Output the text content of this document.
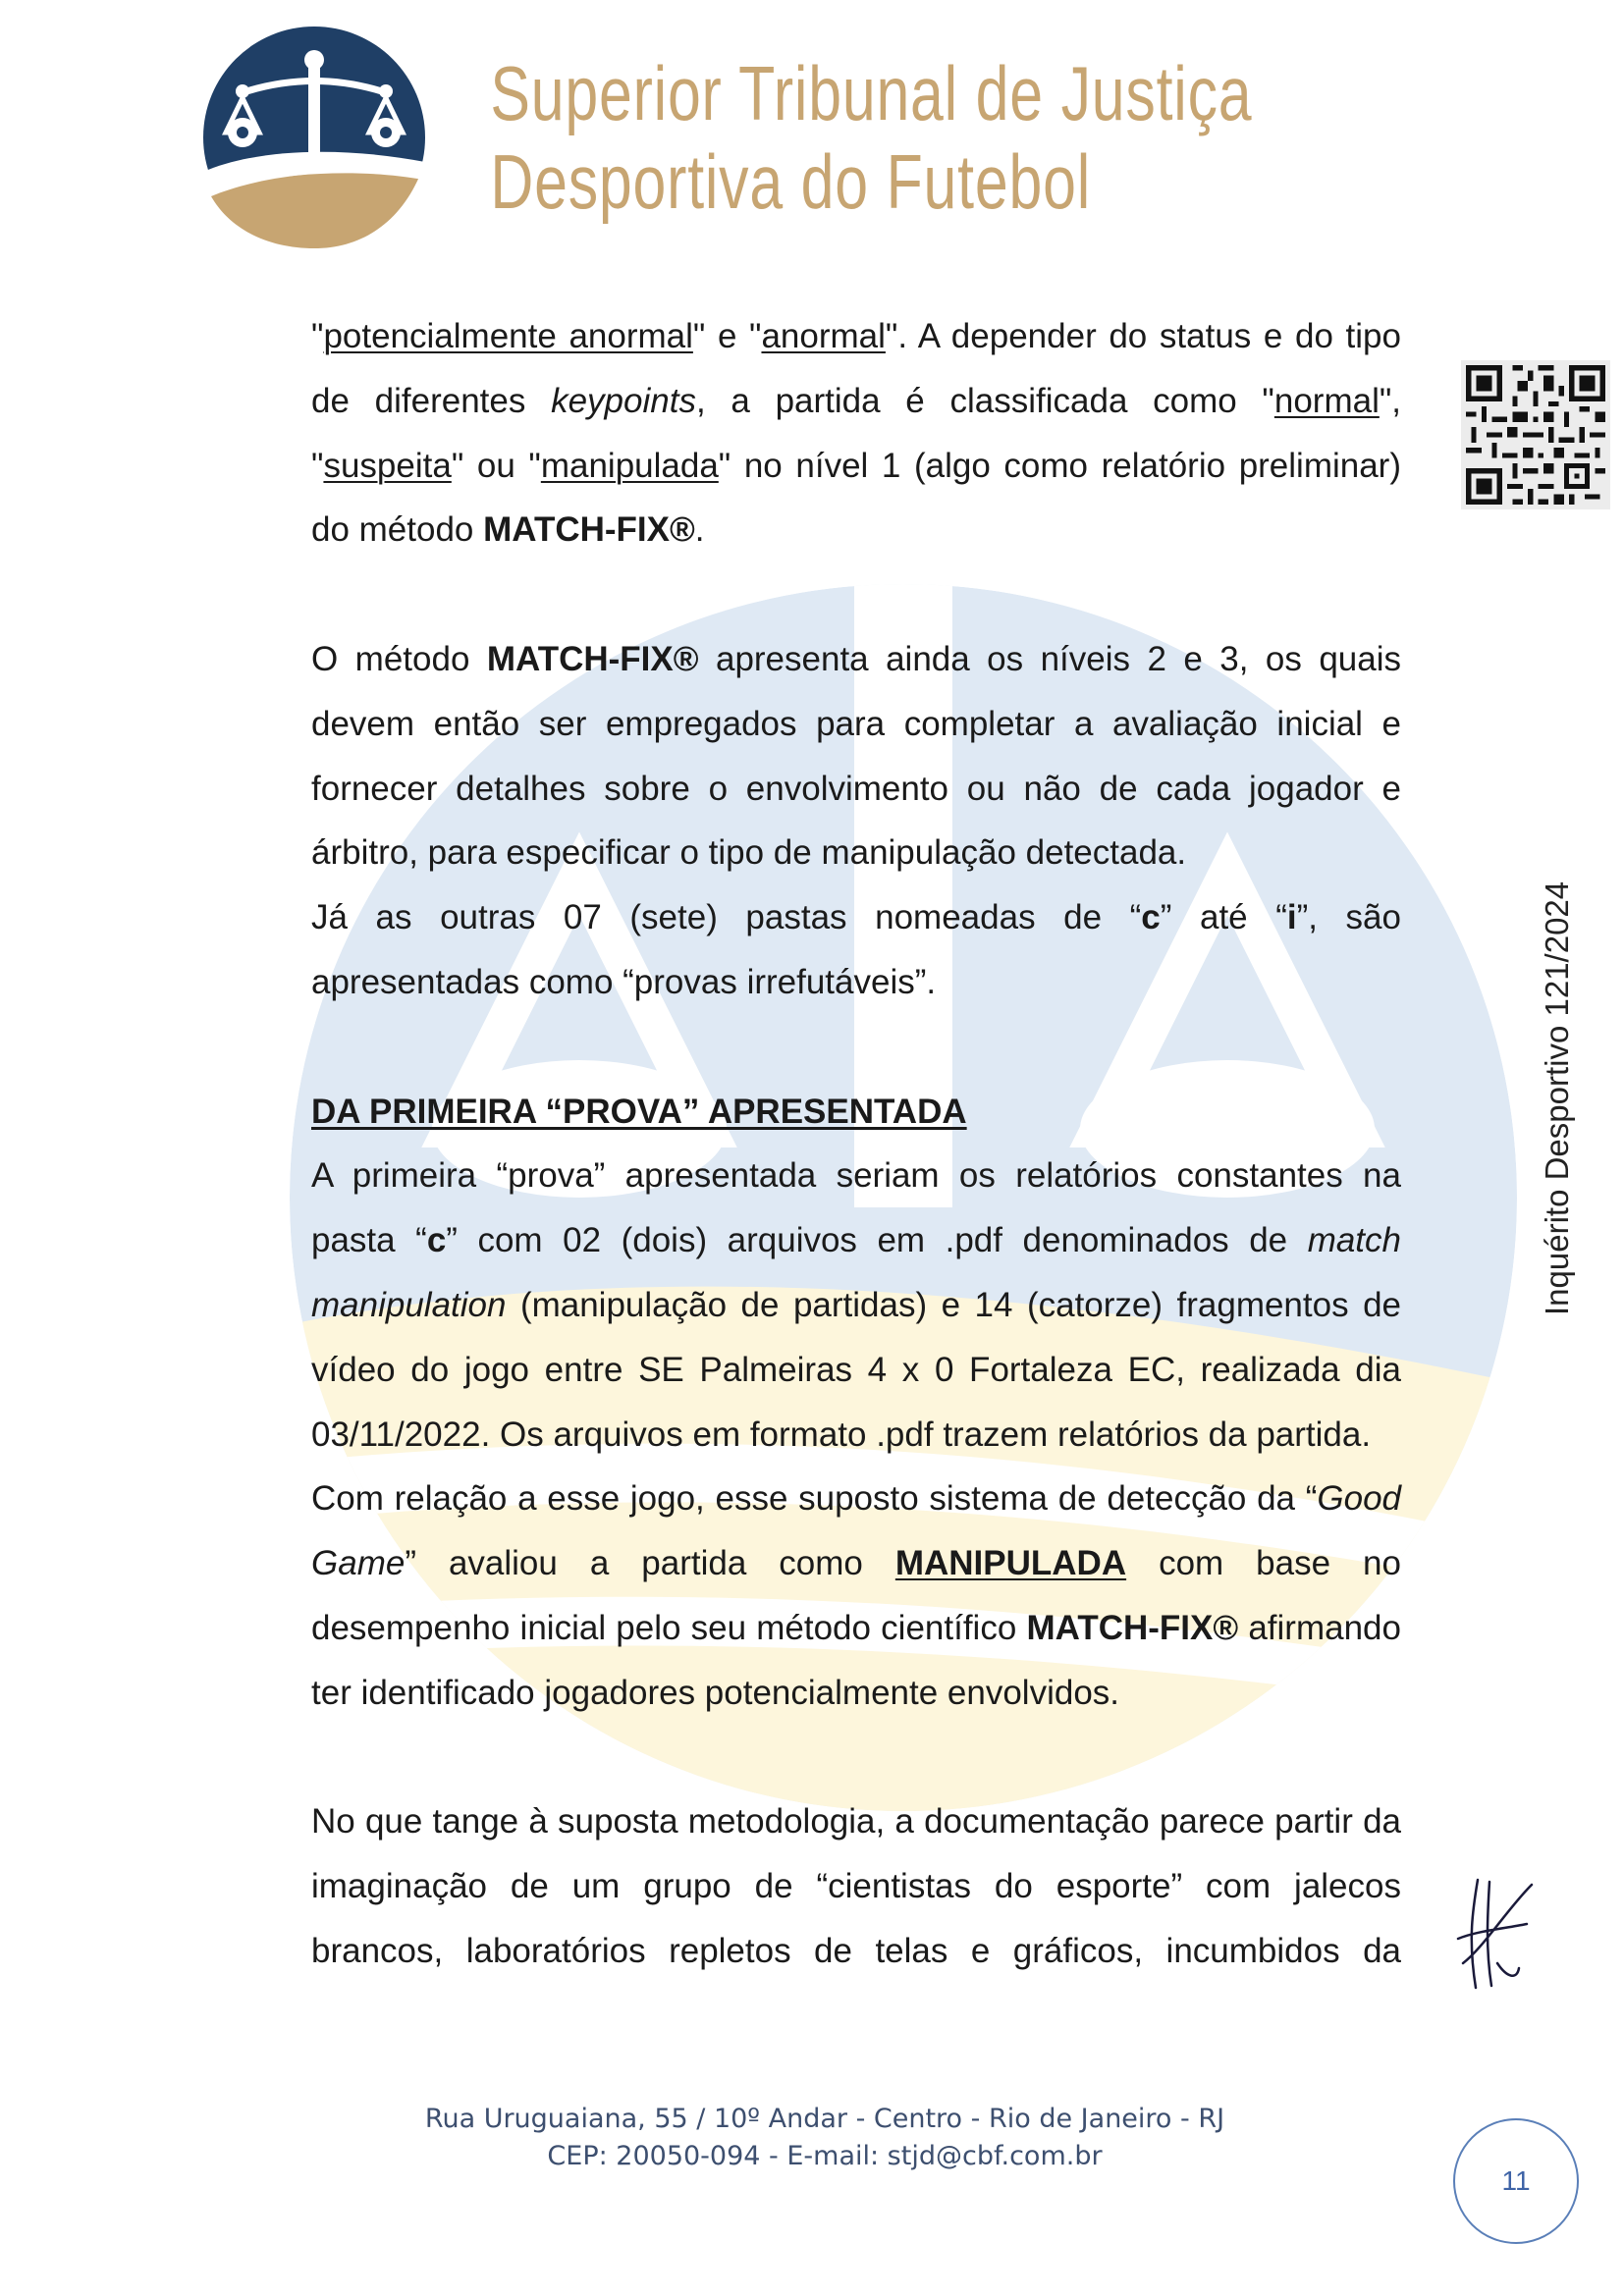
Superior Tribunal de Justiça
Desportiva do Futebol
Inquérito Desportivo 121/2024

"potencialmente anormal" e "anormal". A depender do status e do tipo de diferentes keypoints, a partida é classificada como "normal", "suspeita" ou "manipulada" no nível 1 (algo como relatório preliminar) do método MATCH-FIX®.

O método MATCH-FIX® apresenta ainda os níveis 2 e 3, os quais devem então ser empregados para completar a avaliação inicial e fornecer detalhes sobre o envolvimento ou não de cada jogador e árbitro, para especificar o tipo de manipulação detectada.

Já as outras 07 (sete) pastas nomeadas de “c” até “i”, são apresentadas como “provas irrefutáveis”.

DA PRIMEIRA “PROVA” APRESENTADA

A primeira “prova” apresentada seriam os relatórios constantes na pasta “c” com 02 (dois) arquivos em .pdf denominados de match manipulation (manipulação de partidas) e 14 (catorze) fragmentos de vídeo do jogo entre SE Palmeiras 4 x 0 Fortaleza EC, realizada dia 03/11/2022. Os arquivos em formato .pdf trazem relatórios da partida.

Com relação a esse jogo, esse suposto sistema de detecção da “Good Game” avaliou a partida como MANIPULADA com base no desempenho inicial pelo seu método científico MATCH-FIX® afirmando ter identificado jogadores potencialmente envolvidos.

No que tange à suposta metodologia, a documentação parece partir da imaginação de um grupo de “cientistas do esporte” com jalecos brancos, laboratórios repletos de telas e gráficos, incumbidos da

Rua Uruguaiana, 55 / 10º Andar - Centro - Rio de Janeiro - RJ
CEP: 20050-094 - E-mail: stjd@cbf.com.br
11
